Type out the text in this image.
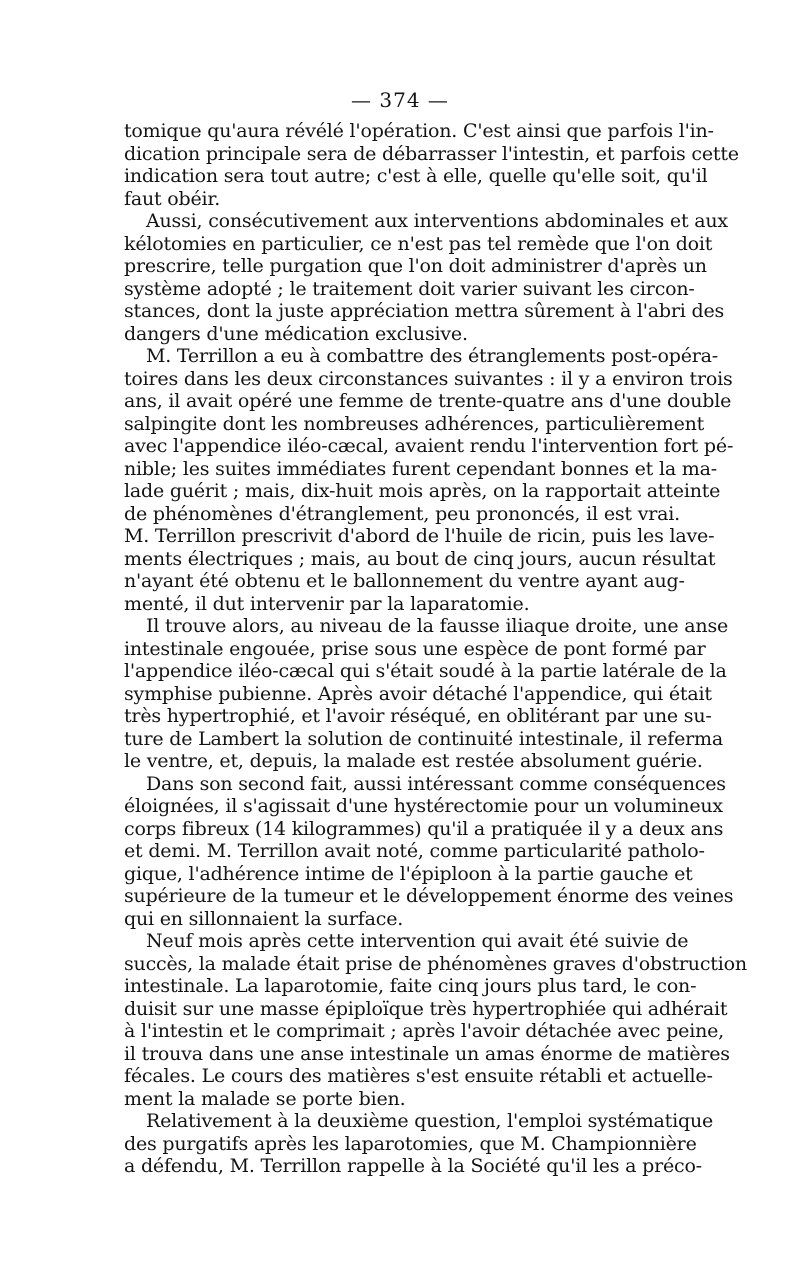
— 374 —
tomique qu'aura révélé l'opération. C'est ainsi que parfois l'in-
dication principale sera de débarrasser l'intestin, et parfois cette
indication sera tout autre; c'est à elle, quelle qu'elle soit, qu'il
faut obéir.
Aussi, consécutivement aux interventions abdominales et aux
kélotomies en particulier, ce n'est pas tel remède que l'on doit
prescrire, telle purgation que l'on doit administrer d'après un
système adopté ; le traitement doit varier suivant les circon-
stances, dont la juste appréciation mettra sûrement à l'abri des
dangers d'une médication exclusive.
M. Terrillon a eu à combattre des étranglements post-opéra-
toires dans les deux circonstances suivantes : il y a environ trois
ans, il avait opéré une femme de trente-quatre ans d'une double
salpingite dont les nombreuses adhérences, particulièrement
avec l'appendice iléo-cæcal, avaient rendu l'intervention fort pé-
nible; les suites immédiates furent cependant bonnes et la ma-
lade guérit ; mais, dix-huit mois après, on la rapportait atteinte
de phénomènes d'étranglement, peu prononcés, il est vrai.
M. Terrillon prescrivit d'abord de l'huile de ricin, puis les lave-
ments électriques ; mais, au bout de cinq jours, aucun résultat
n'ayant été obtenu et le ballonnement du ventre ayant aug-
menté, il dut intervenir par la laparatomie.
Il trouve alors, au niveau de la fausse iliaque droite, une anse
intestinale engouée, prise sous une espèce de pont formé par
l'appendice iléo-cæcal qui s'était soudé à la partie latérale de la
symphise pubienne. Après avoir détaché l'appendice, qui était
très hypertrophié, et l'avoir réséqué, en oblitérant par une su-
ture de Lambert la solution de continuité intestinale, il referma
le ventre, et, depuis, la malade est restée absolument guérie.
Dans son second fait, aussi intéressant comme conséquences
éloignées, il s'agissait d'une hystérectomie pour un volumineux
corps fibreux (14 kilogrammes) qu'il a pratiquée il y a deux ans
et demi. M. Terrillon avait noté, comme particularité patholo-
gique, l'adhérence intime de l'épiploon à la partie gauche et
supérieure de la tumeur et le développement énorme des veines
qui en sillonnaient la surface.
Neuf mois après cette intervention qui avait été suivie de
succès, la malade était prise de phénomènes graves d'obstruction
intestinale. La laparotomie, faite cinq jours plus tard, le con-
duisit sur une masse épiploïque très hypertrophiée qui adhérait
à l'intestin et le comprimait ; après l'avoir détachée avec peine,
il trouva dans une anse intestinale un amas énorme de matières
fécales. Le cours des matières s'est ensuite rétabli et actuelle-
ment la malade se porte bien.
Relativement à la deuxième question, l'emploi systématique
des purgatifs après les laparotomies, que M. Championnière
a défendu, M. Terrillon rappelle à la Société qu'il les a préco-
